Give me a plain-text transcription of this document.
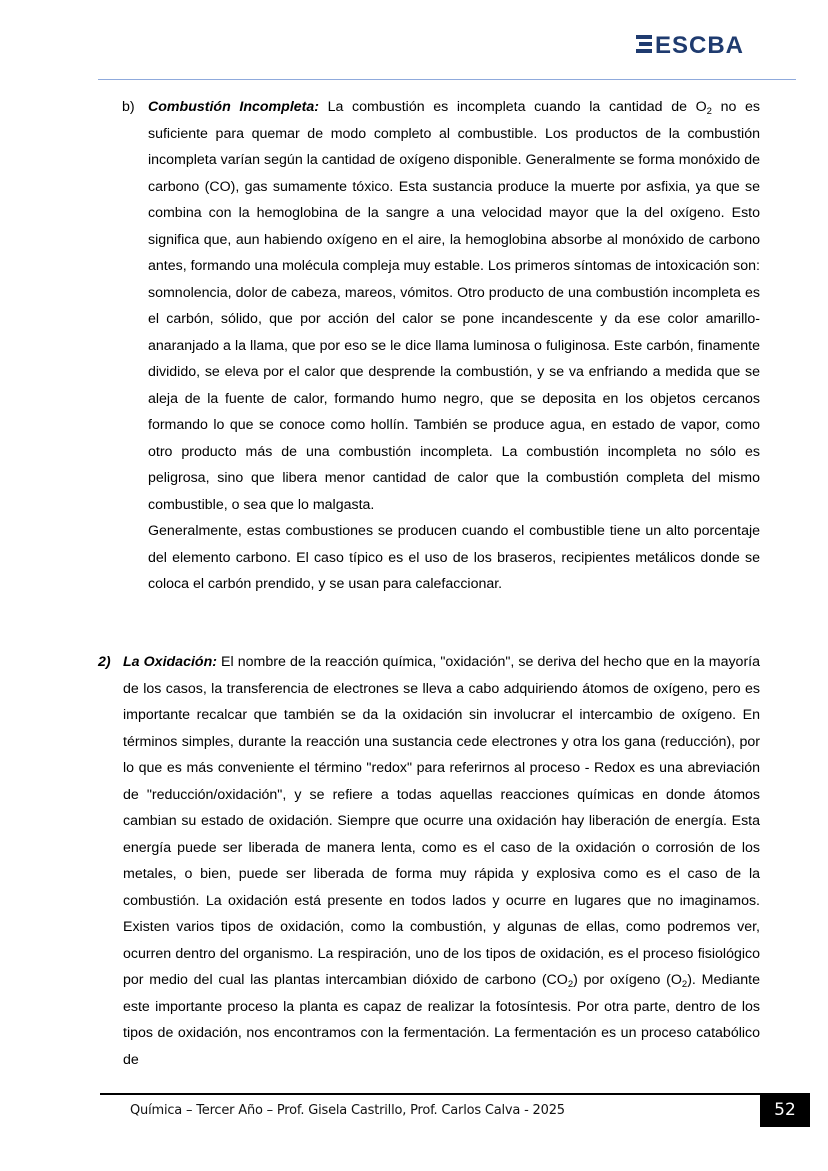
ESCBA
b) Combustión Incompleta: La combustión es incompleta cuando la cantidad de $O_2$ no es suficiente para quemar de modo completo al combustible. Los productos de la combustión incompleta varían según la cantidad de oxígeno disponible. Generalmente se forma monóxido de carbono (CO), gas sumamente tóxico. Esta sustancia produce la muerte por asfixia, ya que se combina con la hemoglobina de la sangre a una velocidad mayor que la del oxígeno. Esto significa que, aun habiendo oxígeno en el aire, la hemoglobina absorbe al monóxido de carbono antes, formando una molécula compleja muy estable. Los primeros síntomas de intoxicación son: somnolencia, dolor de cabeza, mareos, vómitos. Otro producto de una combustión incompleta es el carbón, sólido, que por acción del calor se pone incandescente y da ese color amarillo-anaranjado a la llama, que por eso se le dice llama luminosa o fuliginosa. Este carbón, finamente dividido, se eleva por el calor que desprende la combustión, y se va enfriando a medida que se aleja de la fuente de calor, formando humo negro, que se deposita en los objetos cercanos formando lo que se conoce como hollín. También se produce agua, en estado de vapor, como otro producto más de una combustión incompleta. La combustión incompleta no sólo es peligrosa, sino que libera menor cantidad de calor que la combustión completa del mismo combustible, o sea que lo malgasta.

Generalmente, estas combustiones se producen cuando el combustible tiene un alto porcentaje del elemento carbono. El caso típico es el uso de los braseros, recipientes metálicos donde se coloca el carbón prendido, y se usan para calefaccionar.

2) La Oxidación: El nombre de la reacción química, "oxidación", se deriva del hecho que en la mayoría de los casos, la transferencia de electrones se lleva a cabo adquiriendo átomos de oxígeno, pero es importante recalcar que también se da la oxidación sin involucrar el intercambio de oxígeno. En términos simples, durante la reacción una sustancia cede electrones y otra los gana (reducción), por lo que es más conveniente el término "redox" para referirnos al proceso - Redox es una abreviación de "reducción/oxidación", y se refiere a todas aquellas reacciones químicas en donde átomos cambian su estado de oxidación. Siempre que ocurre una oxidación hay liberación de energía. Esta energía puede ser liberada de manera lenta, como es el caso de la oxidación o corrosión de los metales, o bien, puede ser liberada de forma muy rápida y explosiva como es el caso de la combustión. La oxidación está presente en todos lados y ocurre en lugares que no imaginamos. Existen varios tipos de oxidación, como la combustión, y algunas de ellas, como podremos ver, ocurren dentro del organismo. La respiración, uno de los tipos de oxidación, es el proceso fisiológico por medio del cual las plantas intercambian dióxido de carbono $(CO_2)$ por oxígeno $(O_2)$. Mediante este importante proceso la planta es capaz de realizar la fotosíntesis. Por otra parte, dentro de los tipos de oxidación, nos encontramos con la fermentación. La fermentación es un proceso catabólico de

Química – Tercer Año – Prof. Gisela Castrillo, Prof. Carlos Calva - 2025	52
